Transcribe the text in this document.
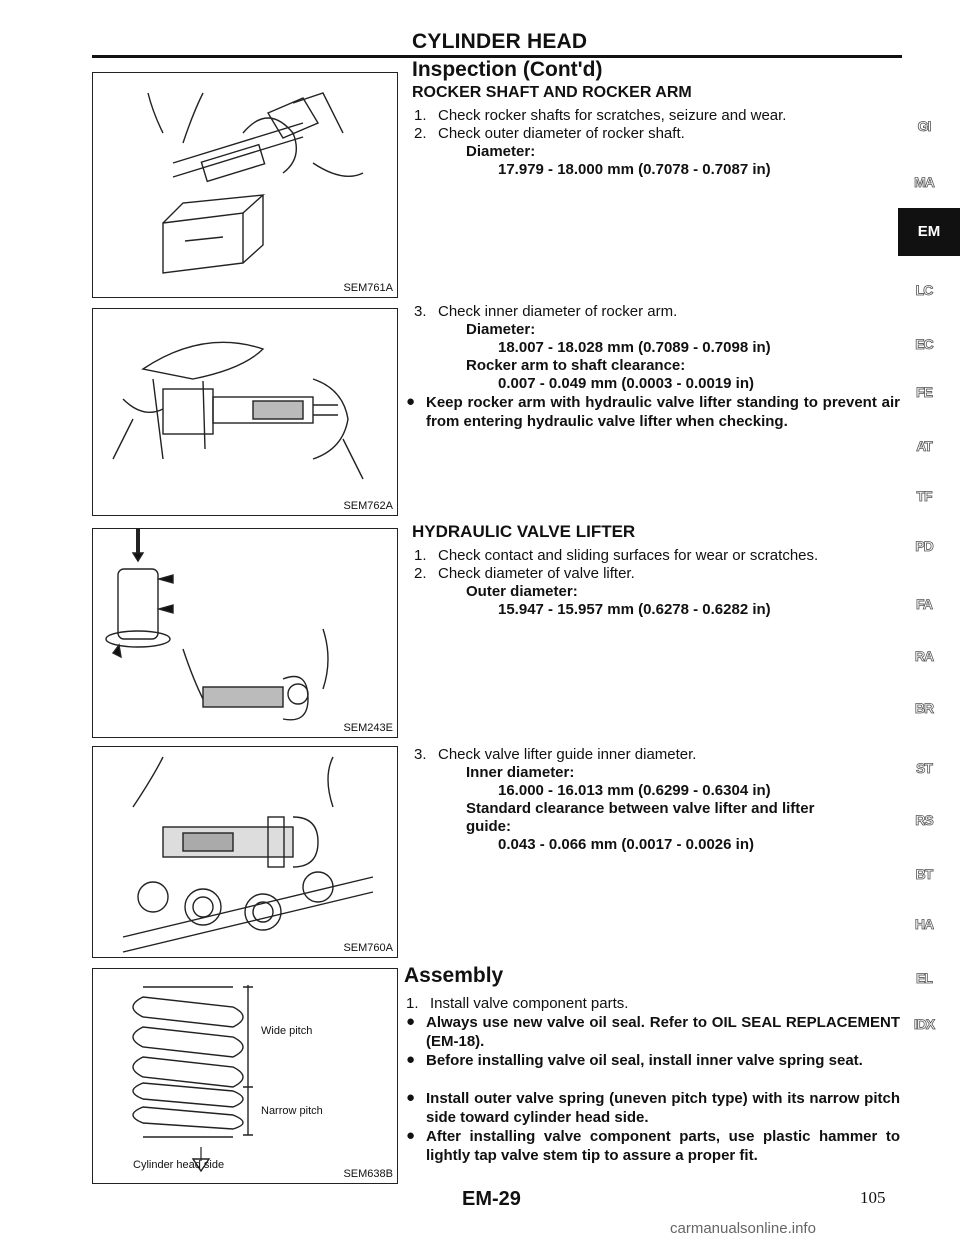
CYLINDER HEAD
Inspection (Cont'd)
ROCKER SHAFT AND ROCKER ARM
1. Check rocker shafts for scratches, seizure and wear.
2. Check outer diameter of rocker shaft.
Diameter:
17.979 - 18.000 mm (0.7078 - 0.7087 in)
3. Check inner diameter of rocker arm.
Diameter:
18.007 - 18.028 mm (0.7089 - 0.7098 in)
Rocker arm to shaft clearance:
0.007 - 0.049 mm (0.0003 - 0.0019 in)
● Keep rocker arm with hydraulic valve lifter standing to prevent air from entering hydraulic valve lifter when checking.
HYDRAULIC VALVE LIFTER
1. Check contact and sliding surfaces for wear or scratches.
2. Check diameter of valve lifter.
Outer diameter:
15.947 - 15.957 mm (0.6278 - 0.6282 in)
3. Check valve lifter guide inner diameter.
Inner diameter:
16.000 - 16.013 mm (0.6299 - 0.6304 in)
Standard clearance between valve lifter and lifter
guide:
0.043 - 0.066 mm (0.0017 - 0.0026 in)
Assembly
1. Install valve component parts.
● Always use new valve oil seal. Refer to OIL SEAL REPLACEMENT (EM-18).
● Before installing valve oil seal, install inner valve spring seat.
● Install outer valve spring (uneven pitch type) with its narrow pitch side toward cylinder head side.
● After installing valve component parts, use plastic hammer to lightly tap valve stem tip to assure a proper fit.
SEM761A
SEM762A
SEM243E
SEM760A
Wide pitch
Narrow pitch
Cylinder head side
SEM638B
GI
MA
EM
LC
EC
FE
AT
TF
PD
FA
RA
BR
ST
RS
BT
HA
EL
IDX
EM-29	105
carmanualsonline.info
